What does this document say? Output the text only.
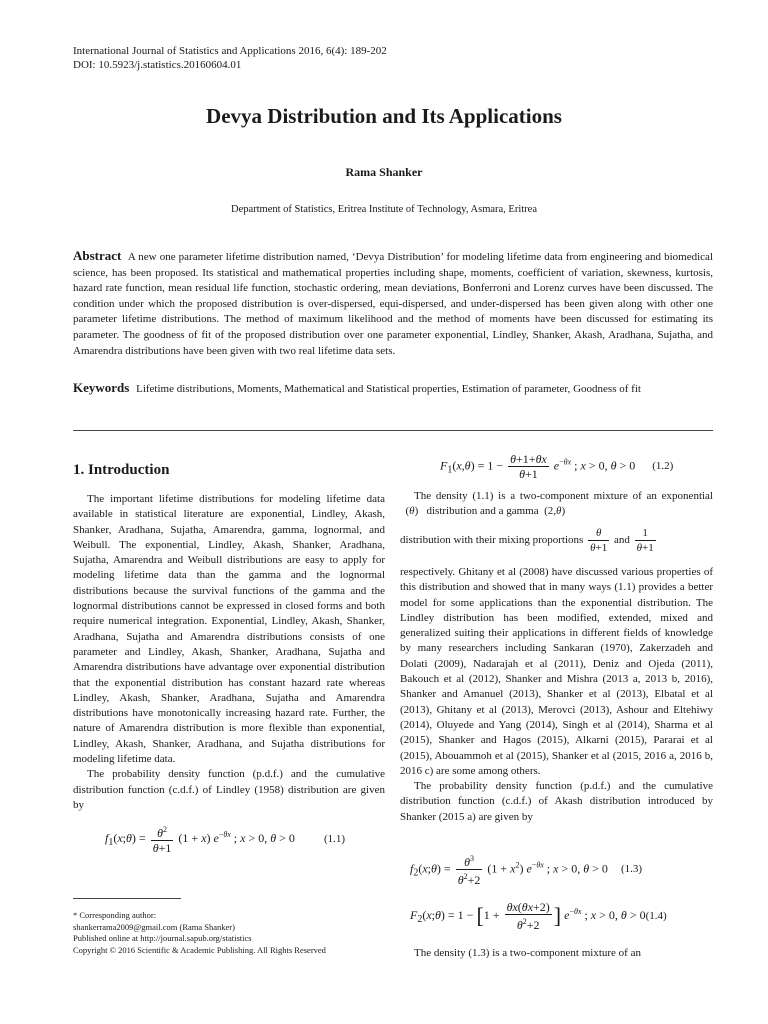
International Journal of Statistics and Applications 2016, 6(4): 189-202
DOI: 10.5923/j.statistics.20160604.01
Devya Distribution and Its Applications
Rama Shanker
Department of Statistics, Eritrea Institute of Technology, Asmara, Eritrea
Abstract A new one parameter lifetime distribution named, ‘Devya Distribution’ for modeling lifetime data from engineering and biomedical science, has been proposed. Its statistical and mathematical properties including shape, moments, coefficient of variation, skewness, kurtosis, hazard rate function, mean residual life function, stochastic ordering, mean deviations, Bonferroni and Lorenz curves have been discussed. The condition under which the proposed distribution is over-dispersed, equi-dispersed, and under-dispersed has been given along with other one parameter lifetime distributions. The method of maximum likelihood and the method of moments have been discussed for estimating its parameter. The goodness of fit of the proposed distribution over one parameter exponential, Lindley, Shanker, Akash, Aradhana, Sujatha, and Amarendra distributions have been given with two real lifetime data sets.
Keywords Lifetime distributions, Moments, Mathematical and Statistical properties, Estimation of parameter, Goodness of fit
1. Introduction

The important lifetime distributions for modeling lifetime data available in statistical literature are exponential, Lindley, Akash, Shanker, Aradhana, Sujatha, Amarendra, gamma, lognormal, and Weibull. The exponential, Lindley, Akash, Shanker, Aradhana, Sujatha, Amarendra and Weibull distributions are easy to apply for modeling lifetime data than the gamma and the lognormal distributions because the survival functions of the gamma and the lognormal distributions cannot be expressed in closed forms and both require numerical integration. Exponential, Lindley, Akash, Shanker, Aradhana, Sujatha and Amarendra distributions consists of one parameter and Lindley, Akash, Shanker, Aradhana, Sujatha and Amarendra distributions have advantage over exponential distribution that the exponential distribution has constant hazard rate whereas Lindley, Akash, Shanker, Aradhana, Sujatha and Amarendra distributions have monotonically increasing hazard rate. Further, the nature of Amarendra distribution is more flexible than exponential, Lindley, Akash, Shanker, Aradhana, and Sujatha distributions for modeling lifetime data.

The probability density function (p.d.f.) and the cumulative distribution function (c.d.f.) of Lindley (1958) distribution are given by

$f_1(x;\theta) = \frac{\theta^2}{\theta+1} (1 + x)$ $e^{-\theta x}$ ; x > 0, θ > 0 (1.1)
$F_1(x,\theta) = 1 - \frac{\theta+1+\theta x}{\theta+1} e^{-\theta x}$ ; x > 0, θ > 0 (1.2)

The density (1.1) is a two-component mixture of an exponential   (θ)   distribution and a gamma  (2,θ)

distribution with their mixing proportions $\frac{\theta}{\theta+1}$ and $\frac{1}{\theta+1}$

respectively. Ghitany et al (2008) have discussed various properties of this distribution and showed that in many ways (1.1) provides a better model for some applications than the exponential distribution. The Lindley distribution has been modified, extended, mixed and generalized suiting their applications in different fields of knowledge by many researchers including Sankaran (1970), Zakerzadeh and Dolati (2009), Nadarajah et al (2011), Deniz and Ojeda (2011), Bakouch et al (2012), Shanker and Mishra (2013 a, 2013 b, 2016), Shanker and Amanuel (2013), Shanker et al (2013), Elbatal et al (2013), Ghitany et al (2013), Merovci (2013), Ashour and Eltehiwy (2014), Oluyede and Yang (2014), Singh et al (2014), Sharma et al (2015), Shanker and Hagos (2015), Alkarni (2015), Pararai et al (2015), Abouammoh et al (2015), Shanker et al (2015, 2016 a, 2016 b, 2016 c) are some among others.

The probability density function (p.d.f.) and the cumulative distribution function (c.d.f.) of Akash distribution introduced by Shanker (2015 a) are given by

$f_2(x;\theta) = \frac{\theta^3}{\theta^2+2} (1 + x^2)$ $e^{-\theta x}$ ; x > 0, θ > 0 (1.3)
$F_2(x;\theta) = 1 - [1 + \frac{\theta x(\theta x+2)}{\theta^2+2}$ ] $e^{-\theta x}$ ; x > 0, θ > 0(1.4)

The density (1.3) is a two-component mixture of an

* Corresponding author:
shankerrama2009@gmail.com (Rama Shanker)
Published online at http://journal.sapub.org/statistics
Copyright © 2016 Scientific & Academic Publishing. All Rights Reserved
